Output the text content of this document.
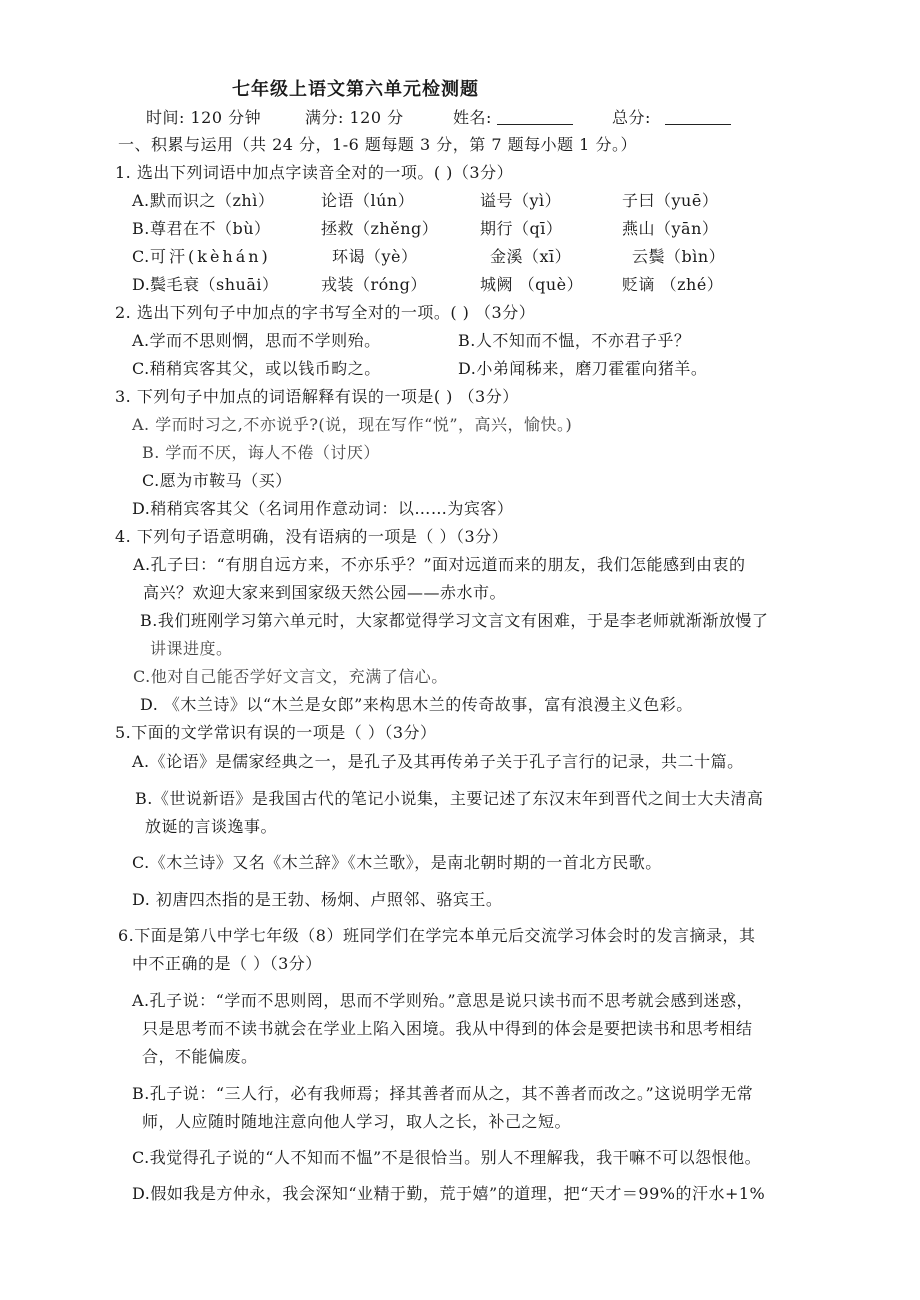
七年级上语文第六单元检测题
时间: 120 分钟	满分: 120 分	姓名:	总分:
一、积累与运用（共 24 分，1-6 题每题 3 分，第 7 题每小题 1 分。）
1. 选出下列词语中加点字读音全对的一项。( )（3分）
A. 默而识之（zhì）	论语（lún）	谥号（yì）	子曰（yuē）
B. 尊君在不（bù）	拯救（zhěng）	期行（qī）	燕山（yān）
C. 可汗(kèhán)	环谒（yè）	金溪（xī）	云鬓（bìn）
D. 鬓毛衰（shuāi）	戎装（róng）	城阙 （què） 贬谪 （zhé）
2. 选出下列句子中加点的字书写全对的一项。( ) （3分）
A.学而不思则惘，思而不学则殆。	B.人不知而不愠，不亦君子乎？
C.稍稍宾客其父，或以钱币畇之。	D.小弟闻秭来，磨刀霍霍向猪羊。
3. 下列句子中加点的词语解释有误的一项是( ) （3分）
A. 学而时习之,不亦说乎?(说，现在写作“悦”，高兴，愉快。)
B. 学而不厌，诲人不倦（讨厌）
C.愿为市鞍马（买）
D.稍稍宾客其父（名词用作意动词：以……为宾客）
4. 下列句子语意明确，没有语病的一项是（ ）（3分）
A.孔子曰：“有朋自远方来，不亦乐乎？”面对远道而来的朋友，我们怎能感到由衷的
高兴？欢迎大家来到国家级天然公园——赤水市。
B.我们班刚学习第六单元时，大家都觉得学习文言文有困难，于是李老师就渐渐放慢了
讲课进度。
C.他对自己能否学好文言文，充满了信心。
D. 《木兰诗》以“木兰是女郎”来构思木兰的传奇故事，富有浪漫主义色彩。
5.下面的文学常识有误的一项是（ ）（3分）
A.《论语》是儒家经典之一，是孔子及其再传弟子关于孔子言行的记录，共二十篇。
B.《世说新语》是我国古代的笔记小说集，主要记述了东汉末年到晋代之间士大夫清高
放诞的言谈逸事。
C.《木兰诗》又名《木兰辞》《木兰歌》，是南北朝时期的一首北方民歌。
D. 初唐四杰指的是王勃、杨炯、卢照邻、骆宾王。
6.下面是第八中学七年级（8）班同学们在学完本单元后交流学习体会时的发言摘录，其
中不正确的是（ ）（3分）
A.孔子说：“学而不思则罔，思而不学则殆。”意思是说只读书而不思考就会感到迷惑，
只是思考而不读书就会在学业上陷入困境。我从中得到的体会是要把读书和思考相结
合，不能偏废。
B.孔子说：“三人行，必有我师焉；择其善者而从之，其不善者而改之。”这说明学无常
师，人应随时随地注意向他人学习，取人之长，补己之短。
C.我觉得孔子说的“人不知而不愠”不是很恰当。别人不理解我，我干嘛不可以怨恨他。
D.假如我是方仲永，我会深知“业精于勤，荒于嬉”的道理，把“天才＝99%的汗水+1%
